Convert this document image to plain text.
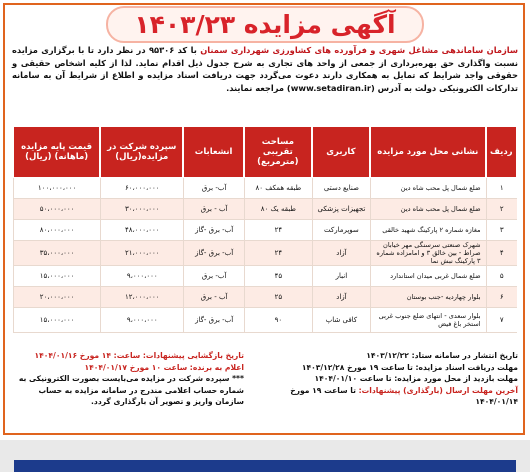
آگهی مزایده ۱۴۰۳/۲۳
سازمان ساماندهی مشاغل شهری و فرآورده های کشاورزی شهرداری سمنان با کد ۹۵۳۰۶ در نظر دارد تا با برگزاری مزایده نسبت واگذاری حق بهره‌برداری از جمعی از واحد های تجاری به شرح جدول ذیل اقدام نماید. لذا از کلیه اشخاص حقیقی و حقوقی واجد شرایط که تمایل به همکاری دارند دعوت می‌گردد جهت دریافت اسناد مزایده و اطلاع از شرایط آن به سامانه تدارکات الکترونیکی دولت به آدرس (www.setadiran.ir) مراجعه نمایند.
ردیف	نشانی محل مورد مزایده	کاربری	مساحت تقریبی (مترمربع)	انشعابات	سپرده شرکت در مزایده(ریال)	قیمت پایه مزایده (ماهانه) (ریال)
۱	ضلع شمال پل محب شاه دین	صنایع دستی	طبقه همکف ۸۰	آب- برق	۶۰،۰۰۰،۰۰۰	۱۰۰،۰۰۰،۰۰۰
۲	ضلع شمال پل محب شاه دین	تجهیزات پزشکی	طبقه یک ۸۰	آب - برق	۳۰،۰۰۰،۰۰۰	۵۰،۰۰۰،۰۰۰
۳	مغازه شماره ۲ پارکینگ شهید خالقی	سوپرمارکت	۲۴	آب- برق -گاز	۴۸،۰۰۰،۰۰۰	۸۰،۰۰۰،۰۰۰
۴	شهرک صنعتی سرسنگی مهر خیابان صراط - بین خالق ۳ و امامزاده شماره ۳ پارکینگ نبش نما	آزاد	۲۴	آب- برق -گاز	۲۱،۰۰۰،۰۰۰	۳۵،۰۰۰،۰۰۰
۵	ضلع شمال غربی میدان استاندارد	انبار	۴۵	آب- برق	۹،۰۰۰،۰۰۰	۱۵،۰۰۰،۰۰۰
۶	بلوار چهاردیه -جنب بوستان	آزاد	۲۵	آب - برق	۱۲،۰۰۰،۰۰۰	۲۰،۰۰۰،۰۰۰
۷	بلوار سعدی - انتهای ضلع جنوب غربی استخر باغ فیض	کافی شاپ	۹۰	آب- برق -گاز	۹،۰۰۰،۰۰۰	۱۵،۰۰۰،۰۰۰
تاریخ انتشار در سامانه ستاد: ۱۴۰۳/۱۲/۲۲
مهلت دریافت اسناد مزایده: تا ساعت ۱۹ مورخ ۱۴۰۳/۱۲/۲۸
مهلت بازدید از محل مورد مزایده: تا ساعت ۱۴۰۴/۰۱/۱۰
آخرین مهلت ارسال (بارگذاری) پیشنهادات: تا ساعت ۱۹ مورخ ۱۴۰۴/۰۱/۱۴
تاریخ بازگشایی پیشنهادات: ساعت: ۱۴ مورخ ۱۴۰۴/۰۱/۱۶
اعلام به برنده: ساعت ۱۰ مورخ ۱۴۰۴/۰۱/۱۷
*** سپرده شرکت در مزایده می‌بایست بصورت الکترونیکی به شماره حساب اعلامی مندرج در سامانه مزایده به حساب سازمان واریز و تصویر آن بارگذاری گردد.
